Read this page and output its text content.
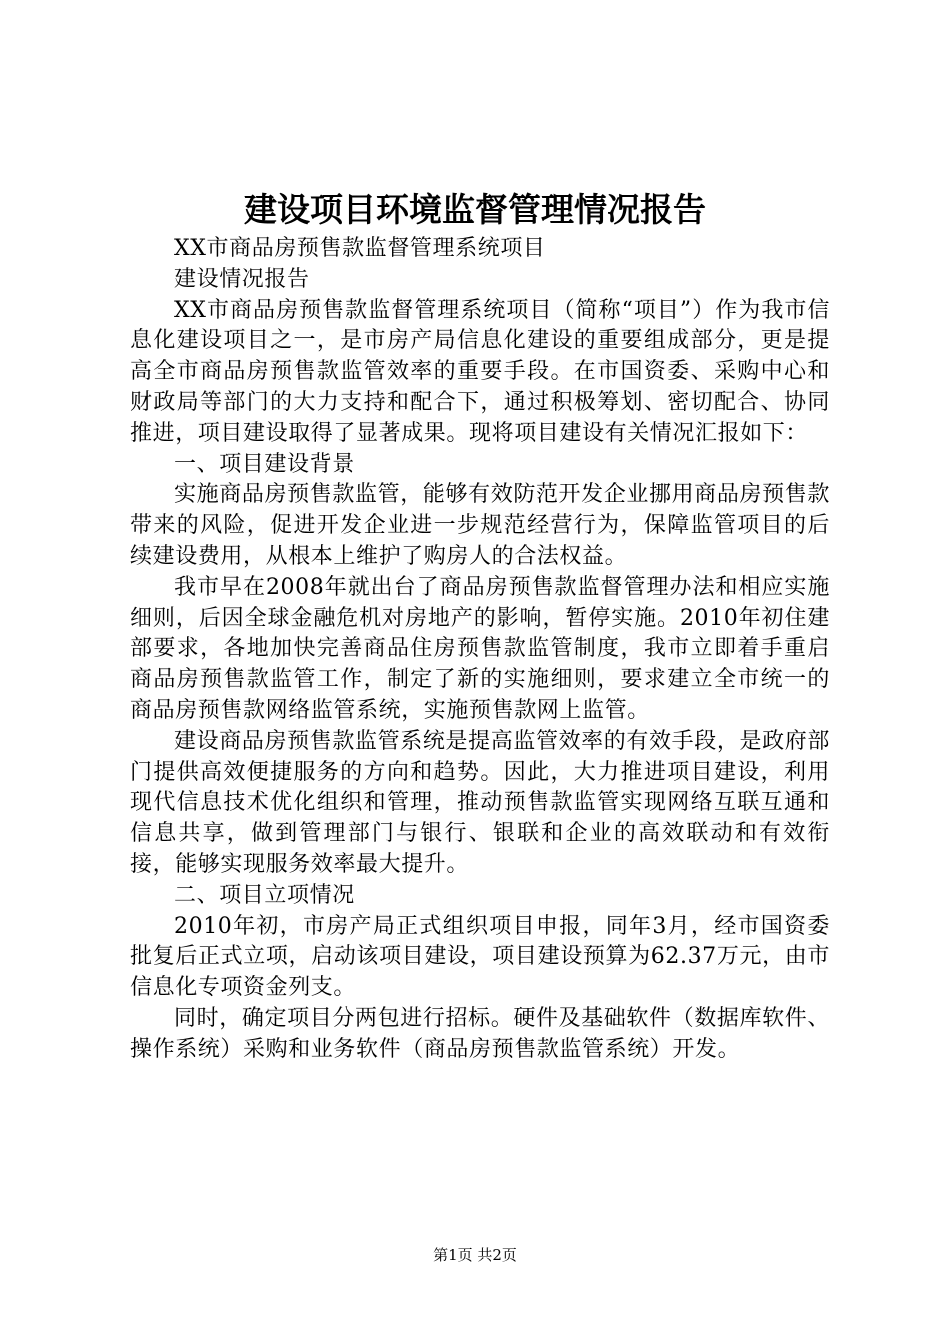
建设项目环境监督管理情况报告

XX市商品房预售款监督管理系统项目

建设情况报告

XX市商品房预售款监督管理系统项目（简称“项目”）作为我市信息化建设项目之一，是市房产局信息化建设的重要组成部分，更是提高全市商品房预售款监管效率的重要手段。在市国资委、采购中心和财政局等部门的大力支持和配合下，通过积极筹划、密切配合、协同推进，项目建设取得了显著成果。现将项目建设有关情况汇报如下：

一、项目建设背景

实施商品房预售款监管，能够有效防范开发企业挪用商品房预售款带来的风险，促进开发企业进一步规范经营行为，保障监管项目的后续建设费用，从根本上维护了购房人的合法权益。

我市早在2008年就出台了商品房预售款监督管理办法和相应实施细则，后因全球金融危机对房地产的影响，暂停实施。2010年初住建部要求，各地加快完善商品住房预售款监管制度，我市立即着手重启商品房预售款监管工作，制定了新的实施细则，要求建立全市统一的商品房预售款网络监管系统，实施预售款网上监管。

建设商品房预售款监管系统是提高监管效率的有效手段，是政府部门提供高效便捷服务的方向和趋势。因此，大力推进项目建设，利用现代信息技术优化组织和管理，推动预售款监管实现网络互联互通和信息共享，做到管理部门与银行、银联和企业的高效联动和有效衔接，能够实现服务效率最大提升。

二、项目立项情况

2010年初，市房产局正式组织项目申报，同年3月，经市国资委批复后正式立项，启动该项目建设，项目建设预算为62.37万元，由市信息化专项资金列支。

同时，确定项目分两包进行招标。硬件及基础软件（数据库软件、操作系统）采购和业务软件（商品房预售款监管系统）开发。

第1页 共2页
